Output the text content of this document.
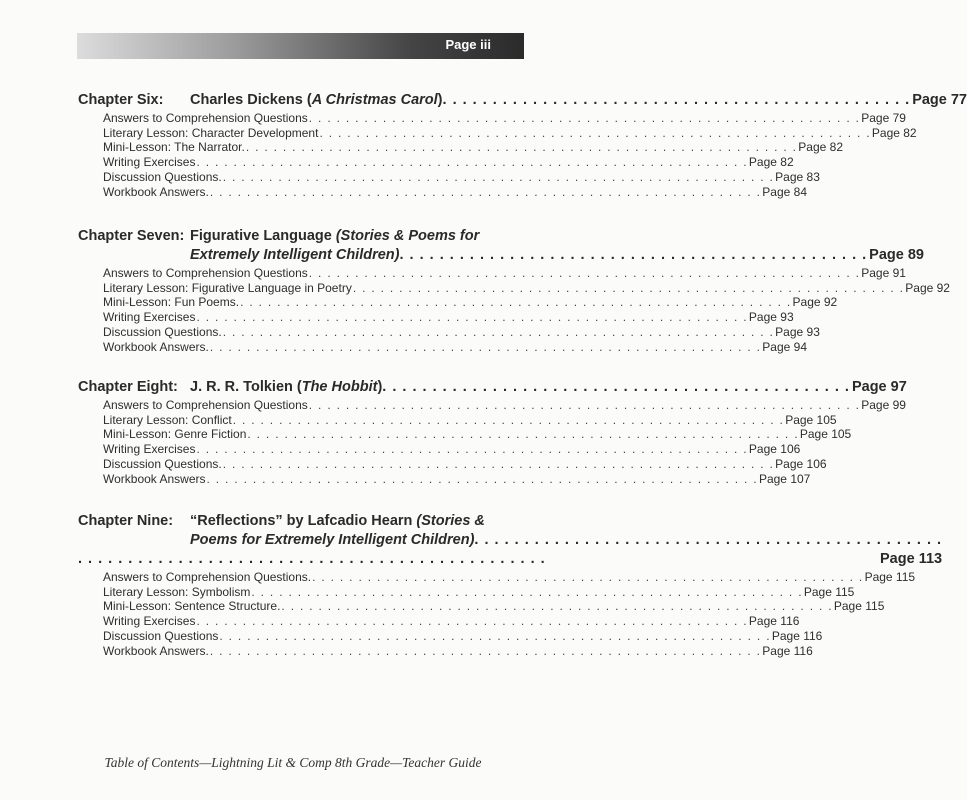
Page iii
Chapter Six:	Charles Dickens (A Christmas Carol) . . .	Page 77
Answers to Comprehension Questions . . .	Page 79
Literary Lesson: Character Development . . .	Page 82
Mini-Lesson: The Narrator. . . .	Page 82
Writing Exercises . . .	Page 82
Discussion Questions. . . .	Page 83
Workbook Answers. . . .	Page 84
Chapter Seven: Figurative Language (Stories & Poems for
Extremely Intelligent Children) . . .	Page 89
Answers to Comprehension Questions . . .	Page 91
Literary Lesson: Figurative Language in Poetry . . .	Page 92
Mini-Lesson: Fun Poems. . . .	Page 92
Writing Exercises . . .	Page 93
Discussion Questions. . . .	Page 93
Workbook Answers. . . .	Page 94
Chapter Eight: J. R. R. Tolkien (The Hobbit) . . .	Page 97
Answers to Comprehension Questions . . .	Page 99
Literary Lesson: Conflict . . .	Page 105
Mini-Lesson: Genre Fiction . . .	Page 105
Writing Exercises . . .	Page 106
Discussion Questions. . . .	Page 106
Workbook Answers . . .	Page 107
Chapter Nine:	“Reflections” by Lafcadio Hearn (Stories &
Poems for Extremely Intelligent Children)
. . .
. . .
Page 113
Answers to Comprehension Questions. . . .	Page 115
Literary Lesson: Symbolism . . .	Page 115
Mini-Lesson: Sentence Structure. . . .	Page 115
Writing Exercises . . .	Page 116
Discussion Questions . . .	Page 116
Workbook Answers. . . .	Page 116
Table of Contents—Lightning Lit & Comp 8th Grade—Teacher Guide
